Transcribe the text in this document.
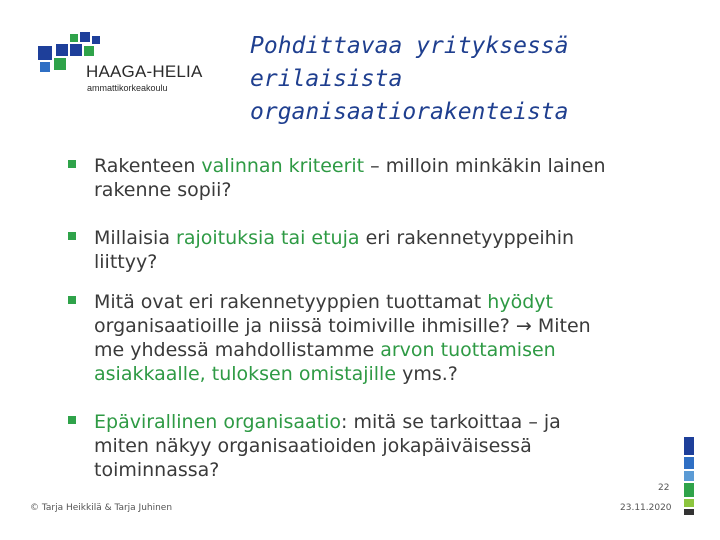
HAAGA-HELIA
ammattikorkeakoulu
Pohdittavaa yrityksessä
erilaisista
organisaatiorakenteista
Rakenteen valinnan kriteerit – milloin minkäkin lainen
rakenne sopii?
Millaisia rajoituksia tai etuja eri rakennetyyppeihin
liittyy?
Mitä ovat eri rakennetyyppien tuottamat hyödyt
organisaatioille ja niissä toimiville ihmisille? → Miten
me yhdessä mahdollistamme arvon tuottamisen
asiakkaalle, tuloksen omistajille yms.?
Epävirallinen organisaatio: mitä se tarkoittaa – ja
miten näkyy organisaatioiden jokapäiväisessä
toiminnassa?
22
© Tarja Heikkilä & Tarja Juhinen	23.11.2020
